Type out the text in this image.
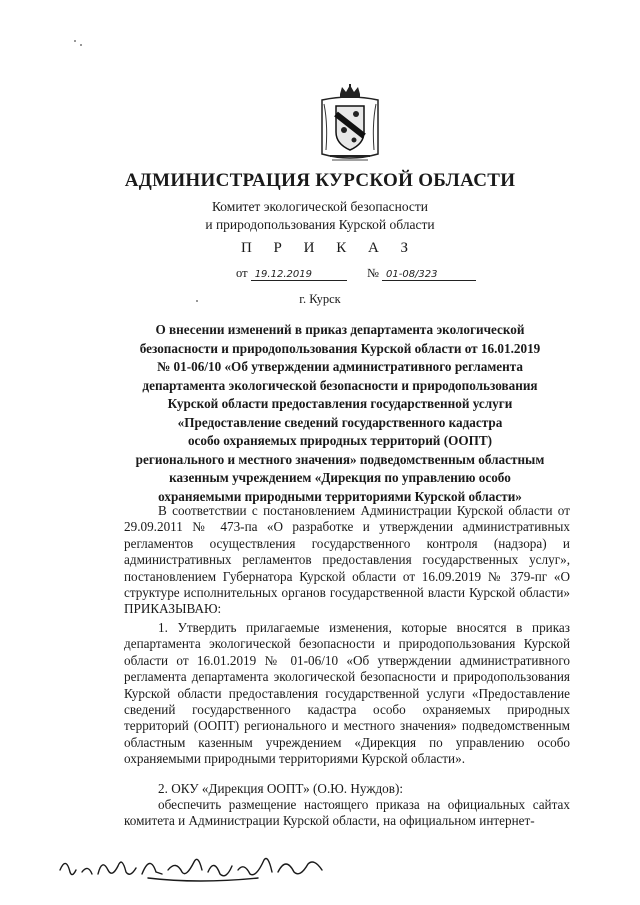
АДМИНИСТРАЦИЯ КУРСКОЙ ОБЛАСТИ
Комитет экологической безопасности
и природопользования Курской области
П Р И К А З
от 19.12.2019	№ 01-08/323
г. Курск
О внесении изменений в приказ департамента экологической
безопасности и природопользования Курской области от 16.01.2019
№ 01-06/10 «Об утверждении административного регламента
департамента экологической безопасности и природопользования
Курской области предоставления государственной услуги
«Предоставление сведений государственного кадастра
особо охраняемых природных территорий (ООПТ)
регионального и местного значения» подведомственным областным
казенным учреждением «Дирекция по управлению особо
охраняемыми природными территориями Курской области»
В соответствии с постановлением Администрации Курской области от 29.09.2011 № 473-па «О разработке и утверждении административных регламентов осуществления государственного контроля (надзора) и административных регламентов предоставления государственных услуг», постановлением Губернатора Курской области от 16.09.2019 № 379-пг «О структуре исполнительных органов государственной власти Курской области» ПРИКАЗЫВАЮ:
1. Утвердить прилагаемые изменения, которые вносятся в приказ департамента экологической безопасности и природопользования Курской области от 16.01.2019 № 01-06/10 «Об утверждении административного регламента департамента экологической безопасности и природопользования Курской области предоставления государственной услуги «Предоставление сведений государственного кадастра особо охраняемых природных территорий (ООПТ) регионального и местного значения» подведомственным областным казенным учреждением «Дирекция по управлению особо охраняемыми природными территориями Курской области».
2. ОКУ «Дирекция ООПТ» (О.Ю. Нуждов):
обеспечить размещение настоящего приказа на официальных сайтах комитета и Администрации Курской области, на официальном интернет-
